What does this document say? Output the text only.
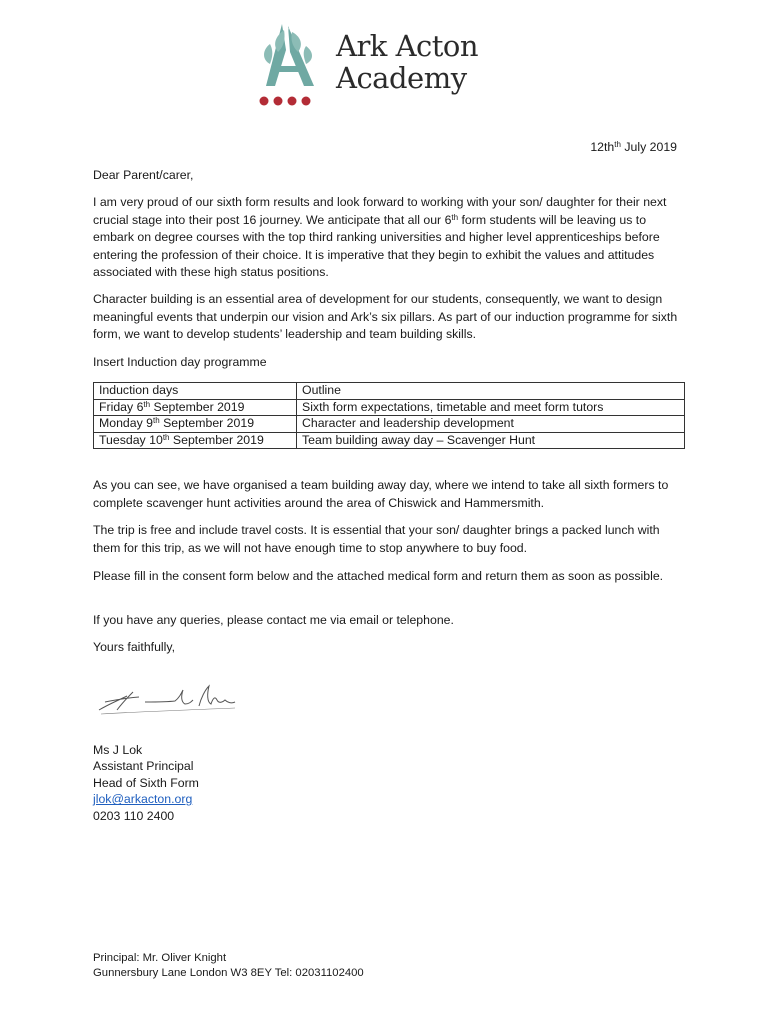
Ark Acton
Academy
$12th^{th}$ July 2019
Dear Parent/carer,
I am very proud of our sixth form results and look forward to working with your son/ daughter for their next crucial stage into their post 16 journey. We anticipate that all our 6th form students will be leaving us to embark on degree courses with the top third ranking universities and higher level apprenticeships before entering the profession of their choice. It is imperative that they begin to exhibit the values and attitudes associated with these high status positions.
Character building is an essential area of development for our students, consequently, we want to design meaningful events that underpin our vision and Ark’s six pillars. As part of our induction programme for sixth form, we want to develop students’ leadership and team building skills.
Insert Induction day programme
Induction days	Outline
Friday 6th September 2019	Sixth form expectations, timetable and meet form tutors
Monday 9th September 2019	Character and leadership development
Tuesday 10th September 2019	Team building away day – Scavenger Hunt
As you can see, we have organised a team building away day, where we intend to take all sixth formers to complete scavenger hunt activities around the area of Chiswick and Hammersmith.
The trip is free and include travel costs. It is essential that your son/ daughter brings a packed lunch with them for this trip, as we will not have enough time to stop anywhere to buy food.
Please fill in the consent form below and the attached medical form and return them as soon as possible.
If you have any queries, please contact me via email or telephone.
Yours faithfully,
Ms J Lok
Assistant Principal
Head of Sixth Form
jlok@arkacton.org
0203 110 2400
Principal: Mr. Oliver Knight
Gunnersbury Lane London W3 8EY Tel: 02031102400
